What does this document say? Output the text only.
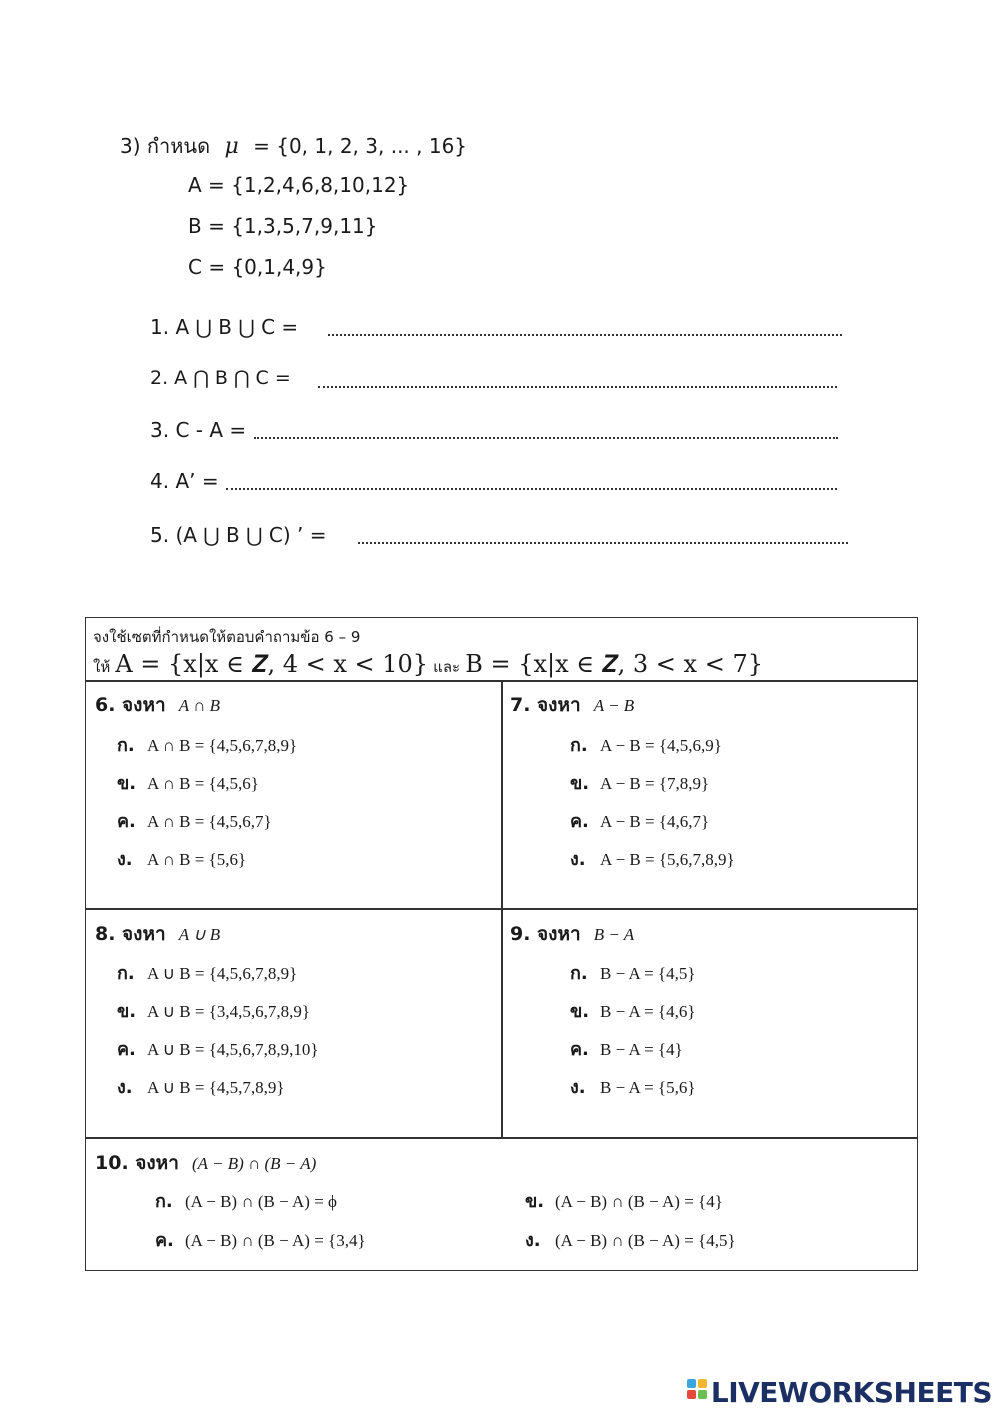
3) กำหนด μ = {0, 1, 2, 3, ... , 16}
A = {1,2,4,6,8,10,12}
B = {1,3,5,7,9,11}
C = {0,1,4,9}
1. A ⋃ B ⋃ C =
2. A ⋂ B ⋂ C =
3. C - A =
4. A’ =
5. (A ⋃ B ⋃ C) ’ =
จงใช้เซตที่กำหนดให้ตอบคำถามข้อ 6 – 9
ให้ A = {x|x ∈ 𝒁, 4 < x < 10} และ B = {x|x ∈ 𝒁, 3 < x < 7}
6. จงหา A ∩ B
ก. A ∩ B = {4,5,6,7,8,9}
ข. A ∩ B = {4,5,6}
ค. A ∩ B = {4,5,6,7}
ง. A ∩ B = {5,6}
7. จงหา A − B
ก. A − B = {4,5,6,9}
ข. A − B = {7,8,9}
ค. A − B = {4,6,7}
ง. A − B = {5,6,7,8,9}
8. จงหา A ∪ B
ก. A ∪ B = {4,5,6,7,8,9}
ข. A ∪ B = {3,4,5,6,7,8,9}
ค. A ∪ B = {4,5,6,7,8,9,10}
ง. A ∪ B = {4,5,7,8,9}
9. จงหา B − A
ก. B − A = {4,5}
ข. B − A = {4,6}
ค. B − A = {4}
ง. B − A = {5,6}
10. จงหา (A − B) ∩ (B − A)
ก. (A − B) ∩ (B − A) = ϕ	ข. (A − B) ∩ (B − A) = {4}
ค. (A − B) ∩ (B − A) = {3,4}	ง. (A − B) ∩ (B − A) = {4,5}
LIVEWORKSHEETS
